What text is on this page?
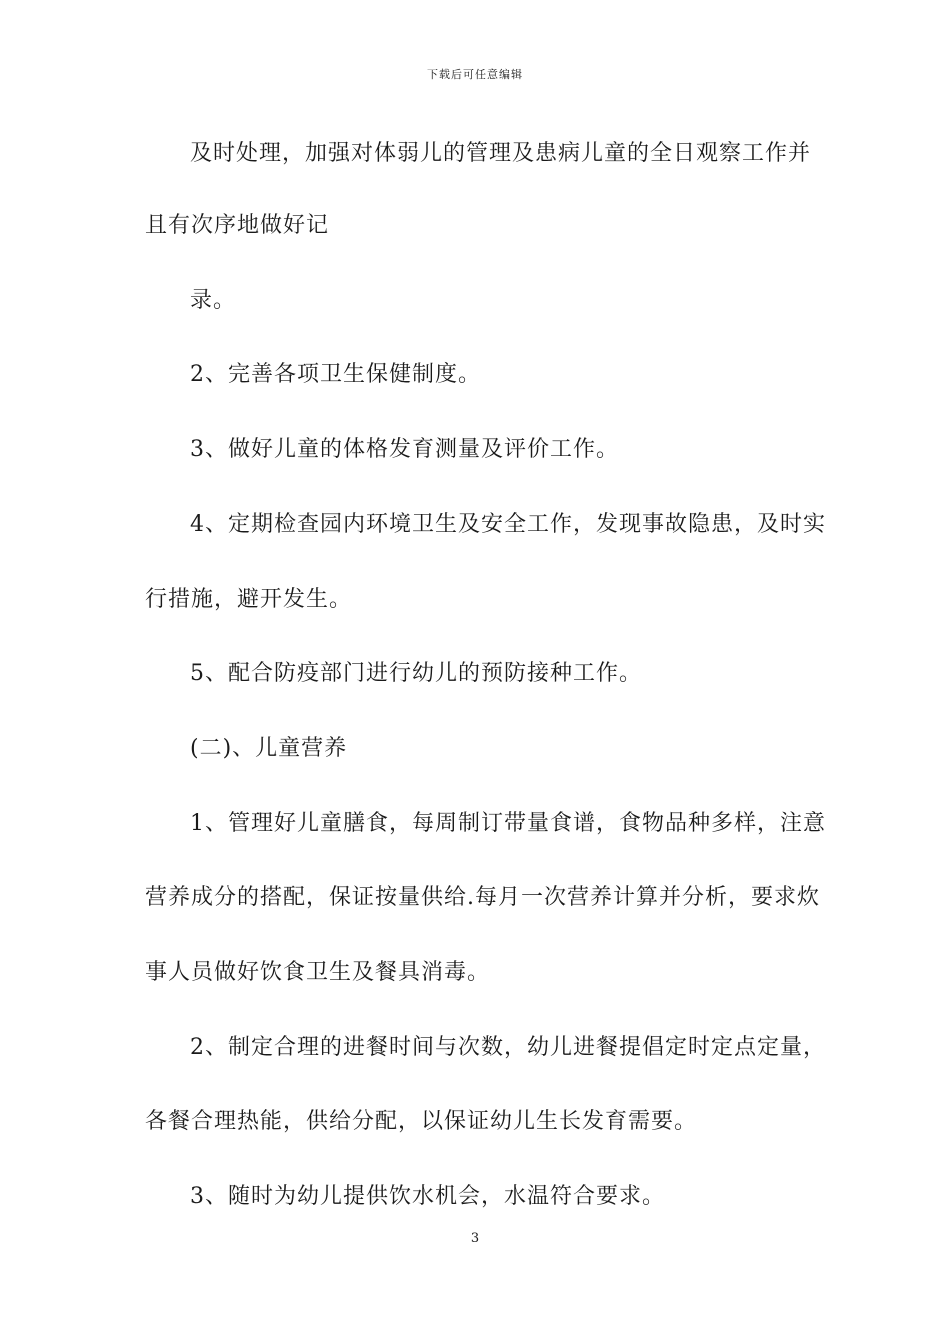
下载后可任意编辑
及时处理，加强对体弱儿的管理及患病儿童的全日观察工作并
且有次序地做好记
录。
2、完善各项卫生保健制度。
3、做好儿童的体格发育测量及评价工作。
4、定期检查园内环境卫生及安全工作，发现事故隐患，及时实
行措施，避开发生。
5、配合防疫部门进行幼儿的预防接种工作。
(二)、儿童营养
1、管理好儿童膳食，每周制订带量食谱，食物品种多样，注意
营养成分的搭配，保证按量供给.每月一次营养计算并分析，要求炊
事人员做好饮食卫生及餐具消毒。
2、制定合理的进餐时间与次数，幼儿进餐提倡定时定点定量，
各餐合理热能，供给分配，以保证幼儿生长发育需要。
3、随时为幼儿提供饮水机会，水温符合要求。
3
